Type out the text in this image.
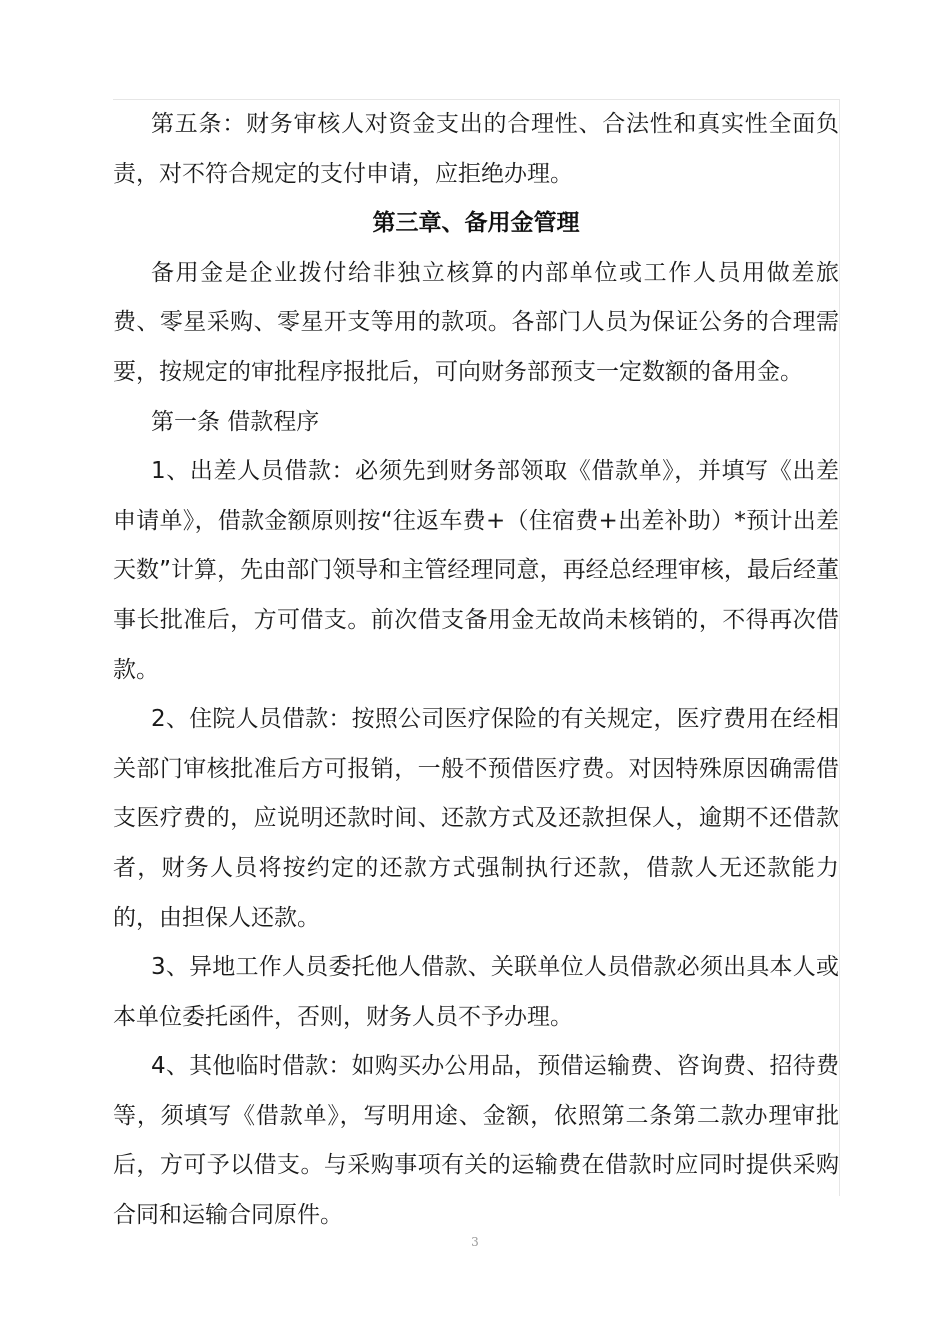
第五条：财务审核人对资金支出的合理性、合法性和真实性全面负责，对不符合规定的支付申请，应拒绝办理。

第三章、备用金管理

备用金是企业拨付给非独立核算的内部单位或工作人员用做差旅费、零星采购、零星开支等用的款项。各部门人员为保证公务的合理需要，按规定的审批程序报批后，可向财务部预支一定数额的备用金。

第一条 借款程序

1、出差人员借款：必须先到财务部领取《借款单》，并填写《出差申请单》，借款金额原则按“往返车费+（住宿费+出差补助）*预计出差天数”计算，先由部门领导和主管经理同意，再经总经理审核，最后经董事长批准后，方可借支。前次借支备用金无故尚未核销的，不得再次借款。

2、住院人员借款：按照公司医疗保险的有关规定，医疗费用在经相关部门审核批准后方可报销，一般不预借医疗费。对因特殊原因确需借支医疗费的，应说明还款时间、还款方式及还款担保人，逾期不还借款者，财务人员将按约定的还款方式强制执行还款，借款人无还款能力的，由担保人还款。

3、异地工作人员委托他人借款、关联单位人员借款必须出具本人或本单位委托函件，否则，财务人员不予办理。

4、其他临时借款：如购买办公用品，预借运输费、咨询费、招待费等，须填写《借款单》，写明用途、金额，依照第二条第二款办理审批后，方可予以借支。与采购事项有关的运输费在借款时应同时提供采购合同和运输合同原件。

3
